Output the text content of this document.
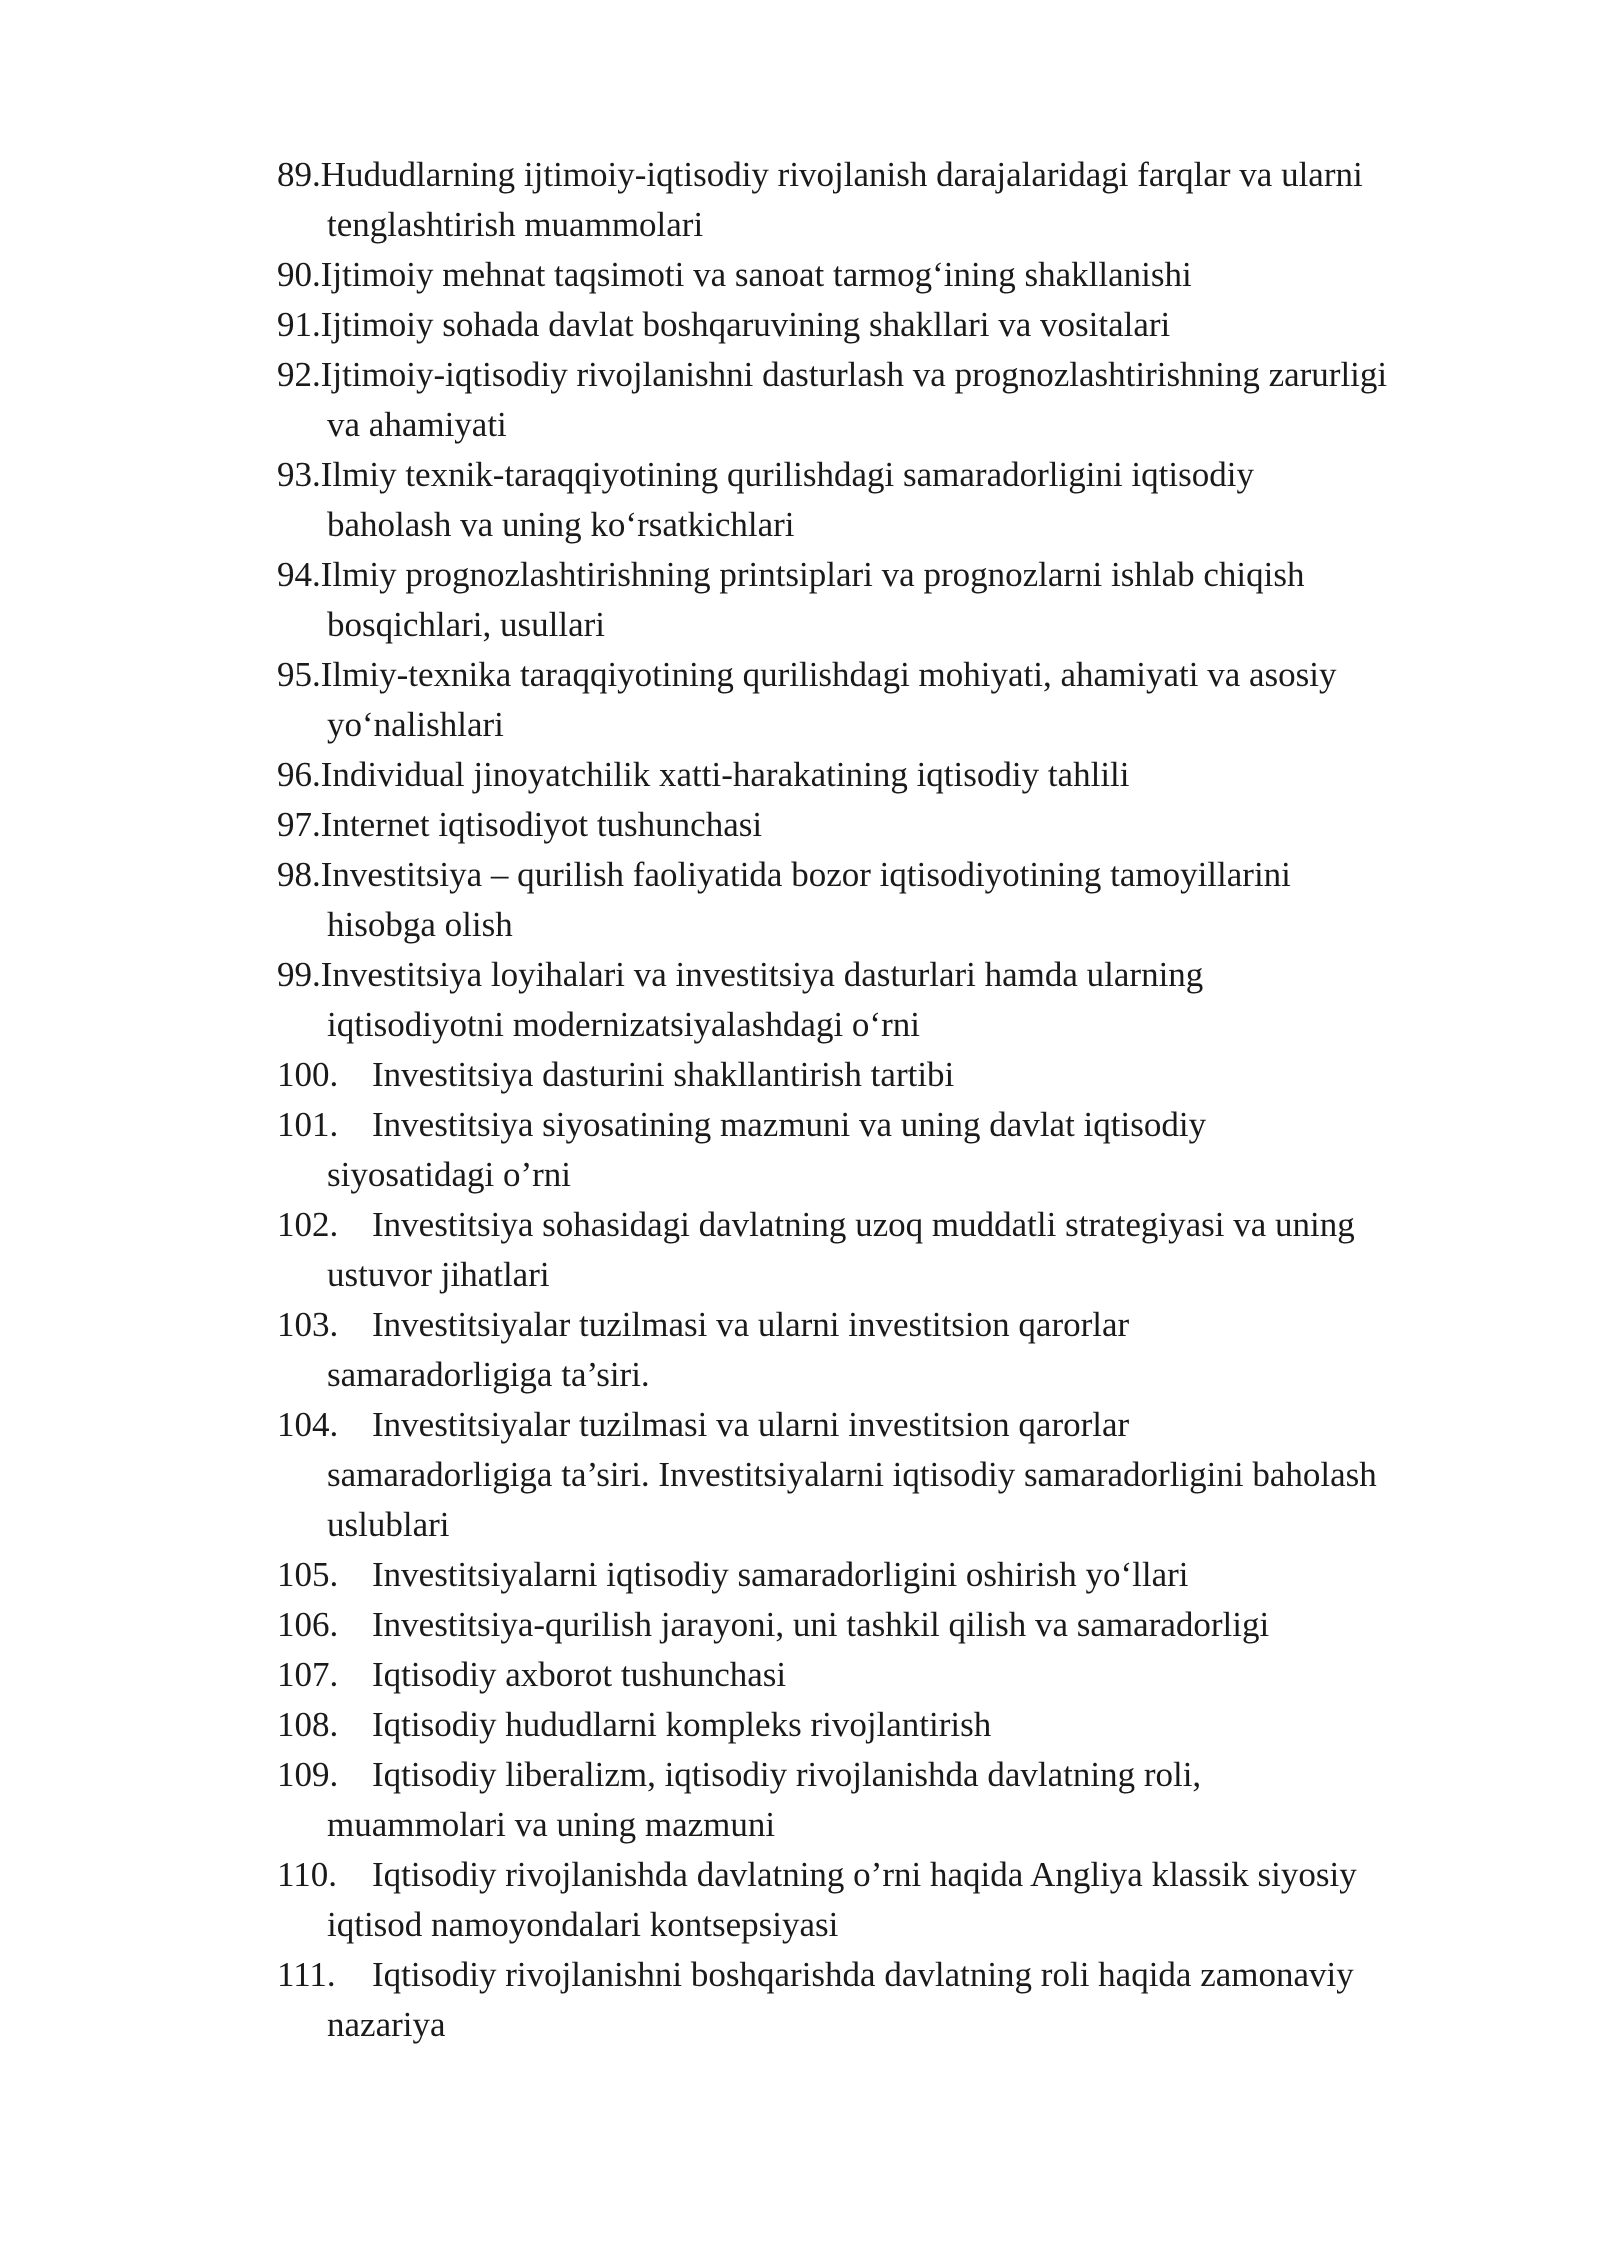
89.Hududlarning ijtimoiy-iqtisodiy rivojlanish darajalaridagi farqlar va ularni
tenglashtirish muammolari
90.Ijtimoiy mehnat taqsimoti va sanoat tarmog‘ining shakllanishi
91.Ijtimoiy sohada davlat boshqaruvining shakllari va vositalari
92.Ijtimoiy-iqtisodiy rivojlanishni dasturlash va prognozlashtirishning zarurligi
va ahamiyati
93.Ilmiy texnik-taraqqiyotining qurilishdagi samaradorligini iqtisodiy
baholash va uning ko‘rsatkichlari
94.Ilmiy prognozlashtirishning printsiplari va prognozlarni ishlab chiqish
bosqichlari, usullari
95.Ilmiy-texnika taraqqiyotining qurilishdagi mohiyati, ahamiyati va asosiy
yo‘nalishlari
96.Individual jinoyatchilik xatti-harakatining iqtisodiy tahlili
97.Internet iqtisodiyot tushunchasi
98.Investitsiya – qurilish faoliyatida bozor iqtisodiyotining tamoyillarini
hisobga olish
99.Investitsiya loyihalari va investitsiya dasturlari hamda ularning
iqtisodiyotni modernizatsiyalashdagi o‘rni
100. Investitsiya dasturini shakllantirish tartibi
101. Investitsiya siyosatining mazmuni va uning davlat iqtisodiy
siyosatidagi o’rni
102. Investitsiya sohasidagi davlatning uzoq muddatli strategiyasi va uning
ustuvor jihatlari
103. Investitsiyalar tuzilmasi va ularni investitsion qarorlar
samaradorligiga ta’siri.
104. Investitsiyalar tuzilmasi va ularni investitsion qarorlar
samaradorligiga ta’siri. Investitsiyalarni iqtisodiy samaradorligini baholash
uslublari
105. Investitsiyalarni iqtisodiy samaradorligini oshirish yo‘llari
106. Investitsiya-qurilish jarayoni, uni tashkil qilish va samaradorligi
107. Iqtisodiy axborot tushunchasi
108. Iqtisodiy hududlarni kompleks rivojlantirish
109. Iqtisodiy liberalizm, iqtisodiy rivojlanishda davlatning roli,
muammolari va uning mazmuni
110. Iqtisodiy rivojlanishda davlatning o’rni haqida Angliya klassik siyosiy
iqtisod namoyondalari kontsepsiyasi
111. Iqtisodiy rivojlanishni boshqarishda davlatning roli haqida zamonaviy
nazariya
